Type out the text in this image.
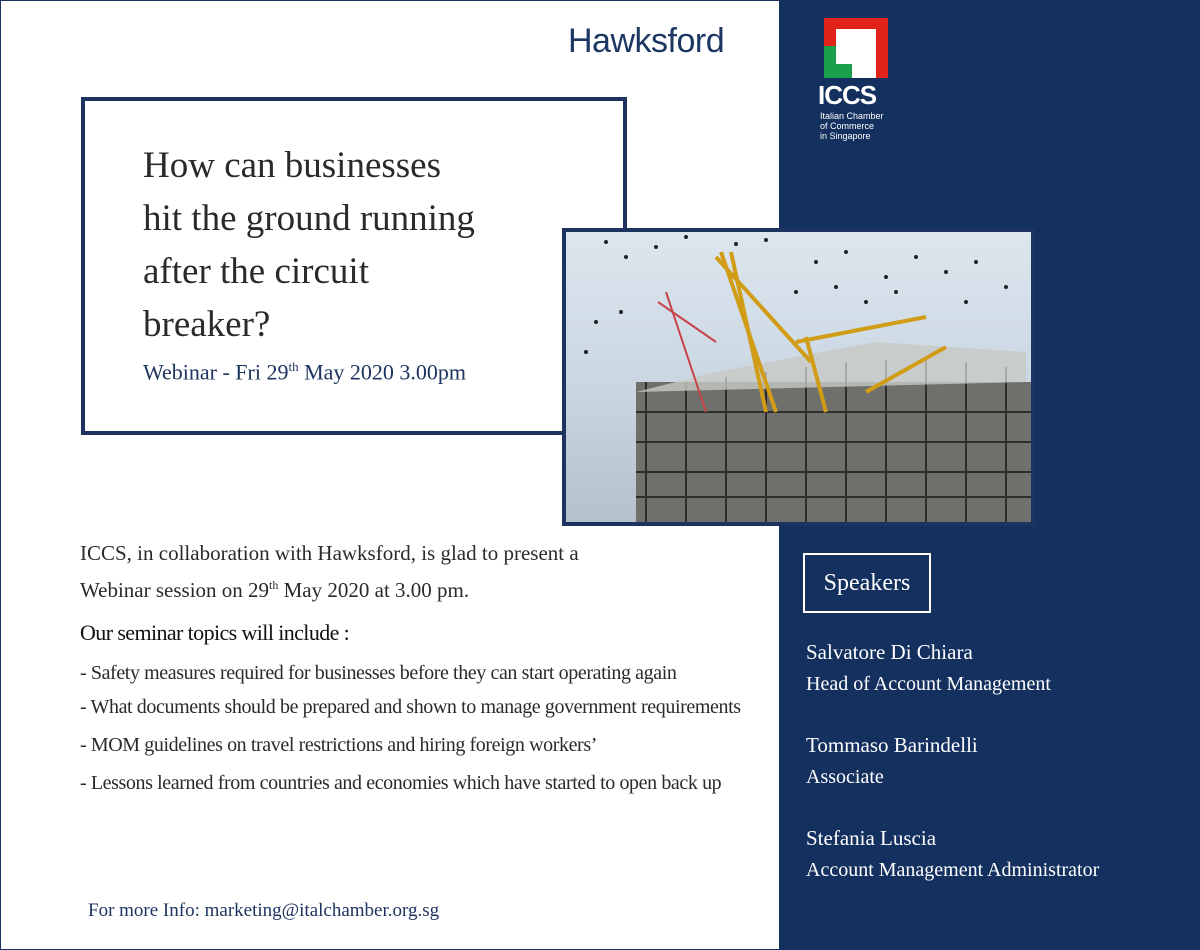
Hawksford
ICCS
Italian Chamber
of Commerce
in Singapore
How can businesses
hit the ground running
after the circuit
breaker?
Webinar - Fri 29th May 2020 3.00pm
ICCS, in collaboration with Hawksford, is glad to present a
Webinar session on 29th May 2020 at 3.00 pm.
Our seminar topics will include :
- Safety measures required for businesses before they can start operating again
- What documents should be prepared and shown to manage government requirements
- MOM guidelines on travel restrictions and hiring foreign workers’
- Lessons learned from countries and economies which have started to open back up
For more Info: marketing@italchamber.org.sg
Speakers
Salvatore Di Chiara
Head of Account Management
Tommaso Barindelli
Associate
Stefania Luscia
Account Management Administrator
